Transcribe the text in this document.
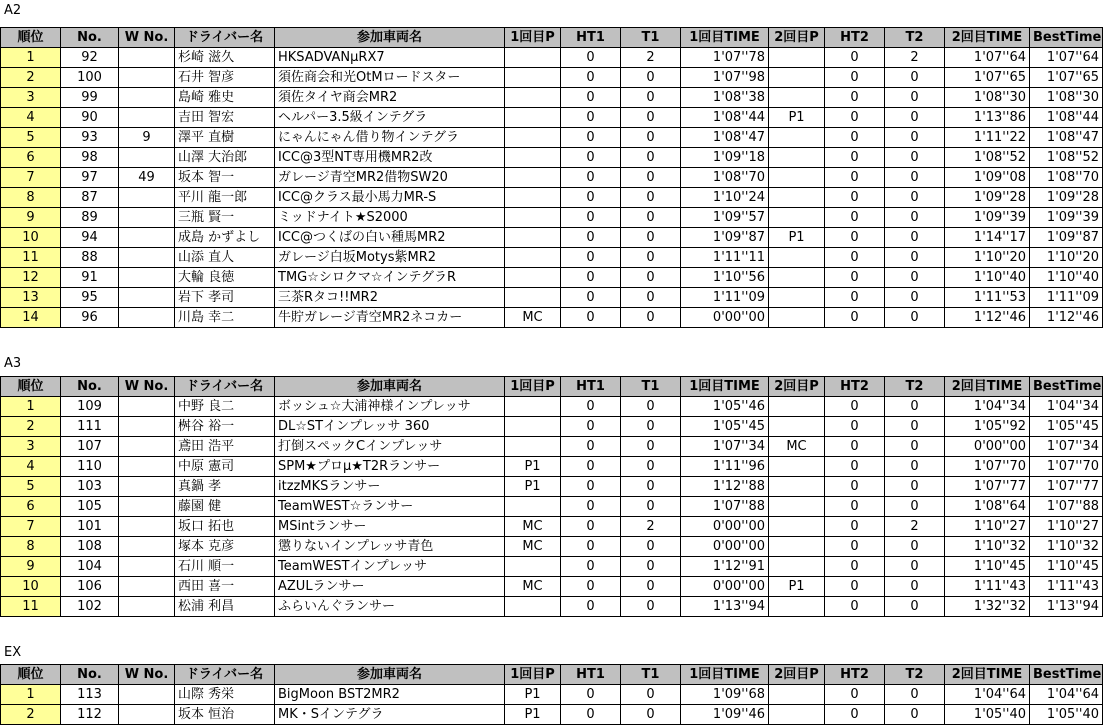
A2
順位	No.	W No.	ドライバー名	参加車両名	1回目P	HT1	T1	1回目TIME	2回目P	HT2	T2	2回目TIME	BestTime
1	92		杉崎 滋久	HKSADVANμRX7		0	2	1'07''78		0	2	1'07''64	1'07''64
2	100		石井 智彦	須佐商会和光OtMロードスター		0	0	1'07''98		0	0	1'07''65	1'07''65
3	99		島崎 雅史	須佐タイヤ商会MR2		0	0	1'08''38		0	0	1'08''30	1'08''30
4	90		吉田 智宏	ヘルパー3.5級インテグラ		0	0	1'08''44	P1	0	0	1'13''86	1'08''44
5	93	9	澤平 直樹	にゃんにゃん借り物インテグラ		0	0	1'08''47		0	0	1'11''22	1'08''47
6	98		山澤 大治郎	ICC@3型NT専用機MR2改		0	0	1'09''18		0	0	1'08''52	1'08''52
7	97	49	坂本 智一	ガレージ青空MR2借物SW20		0	0	1'08''70		0	0	1'09''08	1'08''70
8	87		平川 龍一郎	ICC@クラス最小馬力MR-S		0	0	1'10''24		0	0	1'09''28	1'09''28
9	89		三瓶 賢一	ミッドナイト★S2000		0	0	1'09''57		0	0	1'09''39	1'09''39
10	94		成島 かずよし	ICC@つくばの白い種馬MR2		0	0	1'09''87	P1	0	0	1'14''17	1'09''87
11	88		山添 直人	ガレージ白坂Motys紫MR2		0	0	1'11''11		0	0	1'10''20	1'10''20
12	91		大輪 良徳	TMG☆シロクマ☆インテグラR		0	0	1'10''56		0	0	1'10''40	1'10''40
13	95		岩下 孝司	三茶Rタコ!!MR2		0	0	1'11''09		0	0	1'11''53	1'11''09
14	96		川島 幸二	牛貯ガレージ青空MR2ネコカー	MC	0	0	0'00''00		0	0	1'12''46	1'12''46
A3
順位	No.	W No.	ドライバー名	参加車両名	1回目P	HT1	T1	1回目TIME	2回目P	HT2	T2	2回目TIME	BestTime
1	109		中野 良二	ボッシュ☆大浦神様インプレッサ		0	0	1'05''46		0	0	1'04''34	1'04''34
2	111		桝谷 裕一	DL☆STインプレッサ 360		0	0	1'05''45		0	0	1'05''92	1'05''45
3	107		鳶田 浩平	打倒スペックCインプレッサ		0	0	1'07''34	MC	0	0	0'00''00	1'07''34
4	110		中原 憲司	SPM★プロμ★T2Rランサー	P1	0	0	1'11''96		0	0	1'07''70	1'07''70
5	103		真鍋 孝	itzzMKSランサー	P1	0	0	1'12''88		0	0	1'07''77	1'07''77
6	105		藤園 健	TeamWEST☆ランサー		0	0	1'07''88		0	0	1'08''64	1'07''88
7	101		坂口 拓也	MSintランサー	MC	0	2	0'00''00		0	2	1'10''27	1'10''27
8	108		塚本 克彦	懲りないインプレッサ青色	MC	0	0	0'00''00		0	0	1'10''32	1'10''32
9	104		石川 順一	TeamWESTインプレッサ		0	0	1'12''91		0	0	1'10''45	1'10''45
10	106		西田 喜一	AZULランサー	MC	0	0	0'00''00	P1	0	0	1'11''43	1'11''43
11	102		松浦 利昌	ふらいんぐランサー		0	0	1'13''94		0	0	1'32''32	1'13''94
EX
順位	No.	W No.	ドライバー名	参加車両名	1回目P	HT1	T1	1回目TIME	2回目P	HT2	T2	2回目TIME	BestTime
1	113		山際 秀栄	BigMoon BST2MR2	P1	0	0	1'09''68		0	0	1'04''64	1'04''64
2	112		坂本 恒治	MK・Sインテグラ	P1	0	0	1'09''46		0	0	1'05''40	1'05''40
